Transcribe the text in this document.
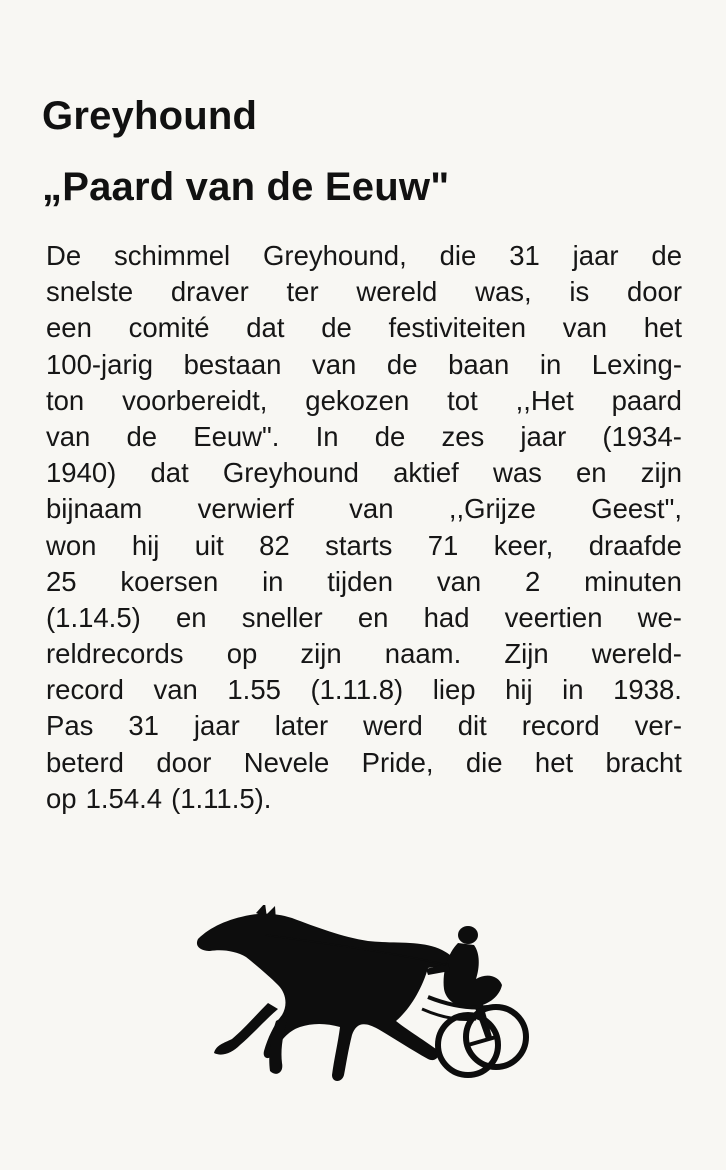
Greyhound
„Paard van de Eeuw"
De schimmel Greyhound, die 31 jaar de
snelste draver ter wereld was, is door
een comité dat de festiviteiten van het
100-jarig bestaan van de baan in Lexing-
ton voorbereidt, gekozen tot ,,Het paard
van de Eeuw". In de zes jaar (1934-
1940) dat Greyhound aktief was en zijn
bijnaam verwierf van ,,Grijze Geest",
won hij uit 82 starts 71 keer, draafde
25 koersen in tijden van 2 minuten
(1.14.5) en sneller en had veertien we-
reldrecords op zijn naam. Zijn wereld-
record van 1.55 (1.11.8) liep hij in 1938.
Pas 31 jaar later werd dit record ver-
beterd door Nevele Pride, die het bracht
op 1.54.4 (1.11.5).
